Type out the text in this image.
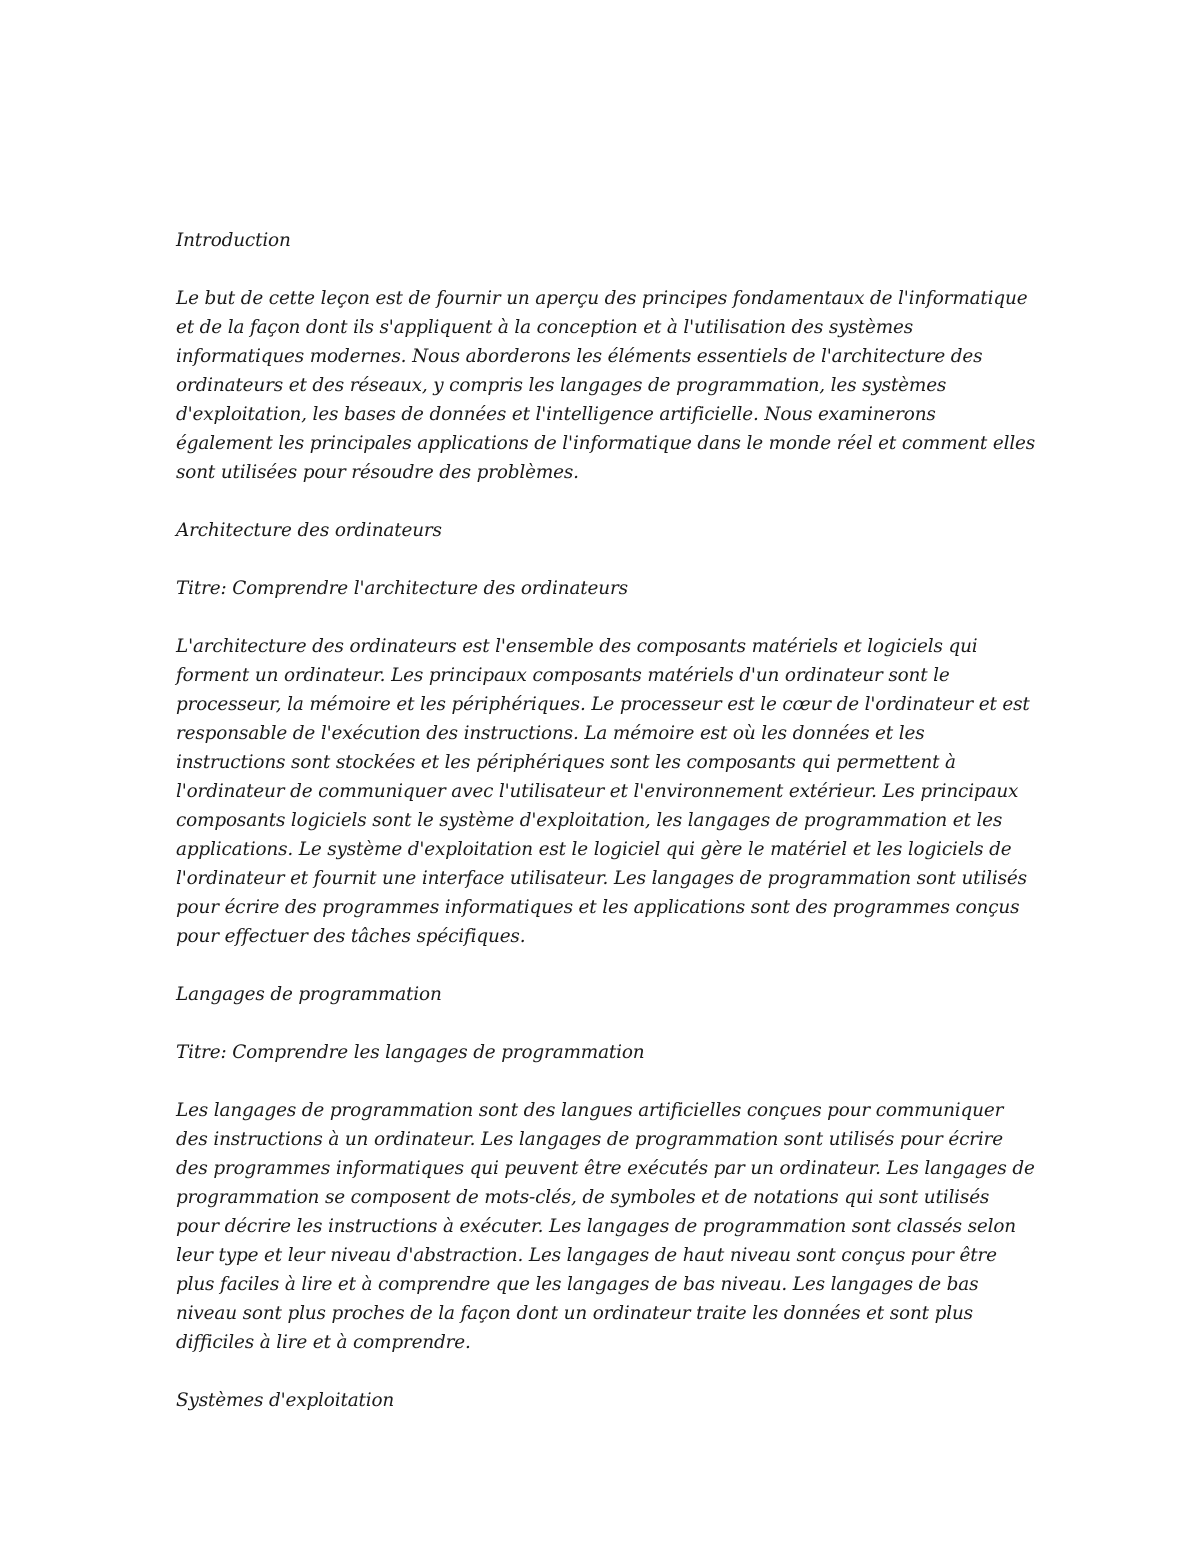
Introduction

Le but de cette leçon est de fournir un aperçu des principes fondamentaux de l'informatique et de la façon dont ils s'appliquent à la conception et à l'utilisation des systèmes informatiques modernes. Nous aborderons les éléments essentiels de l'architecture des ordinateurs et des réseaux, y compris les langages de programmation, les systèmes d'exploitation, les bases de données et l'intelligence artificielle. Nous examinerons également les principales applications de l'informatique dans le monde réel et comment elles sont utilisées pour résoudre des problèmes.

Architecture des ordinateurs

Titre: Comprendre l'architecture des ordinateurs

L'architecture des ordinateurs est l'ensemble des composants matériels et logiciels qui forment un ordinateur. Les principaux composants matériels d'un ordinateur sont le processeur, la mémoire et les périphériques. Le processeur est le cœur de l'ordinateur et est responsable de l'exécution des instructions. La mémoire est où les données et les instructions sont stockées et les périphériques sont les composants qui permettent à l'ordinateur de communiquer avec l'utilisateur et l'environnement extérieur. Les principaux composants logiciels sont le système d'exploitation, les langages de programmation et les applications. Le système d'exploitation est le logiciel qui gère le matériel et les logiciels de l'ordinateur et fournit une interface utilisateur. Les langages de programmation sont utilisés pour écrire des programmes informatiques et les applications sont des programmes conçus pour effectuer des tâches spécifiques.

Langages de programmation

Titre: Comprendre les langages de programmation

Les langages de programmation sont des langues artificielles conçues pour communiquer des instructions à un ordinateur. Les langages de programmation sont utilisés pour écrire des programmes informatiques qui peuvent être exécutés par un ordinateur. Les langages de programmation se composent de mots-clés, de symboles et de notations qui sont utilisés pour décrire les instructions à exécuter. Les langages de programmation sont classés selon leur type et leur niveau d'abstraction. Les langages de haut niveau sont conçus pour être plus faciles à lire et à comprendre que les langages de bas niveau. Les langages de bas niveau sont plus proches de la façon dont un ordinateur traite les données et sont plus difficiles à lire et à comprendre.

Systèmes d'exploitation
